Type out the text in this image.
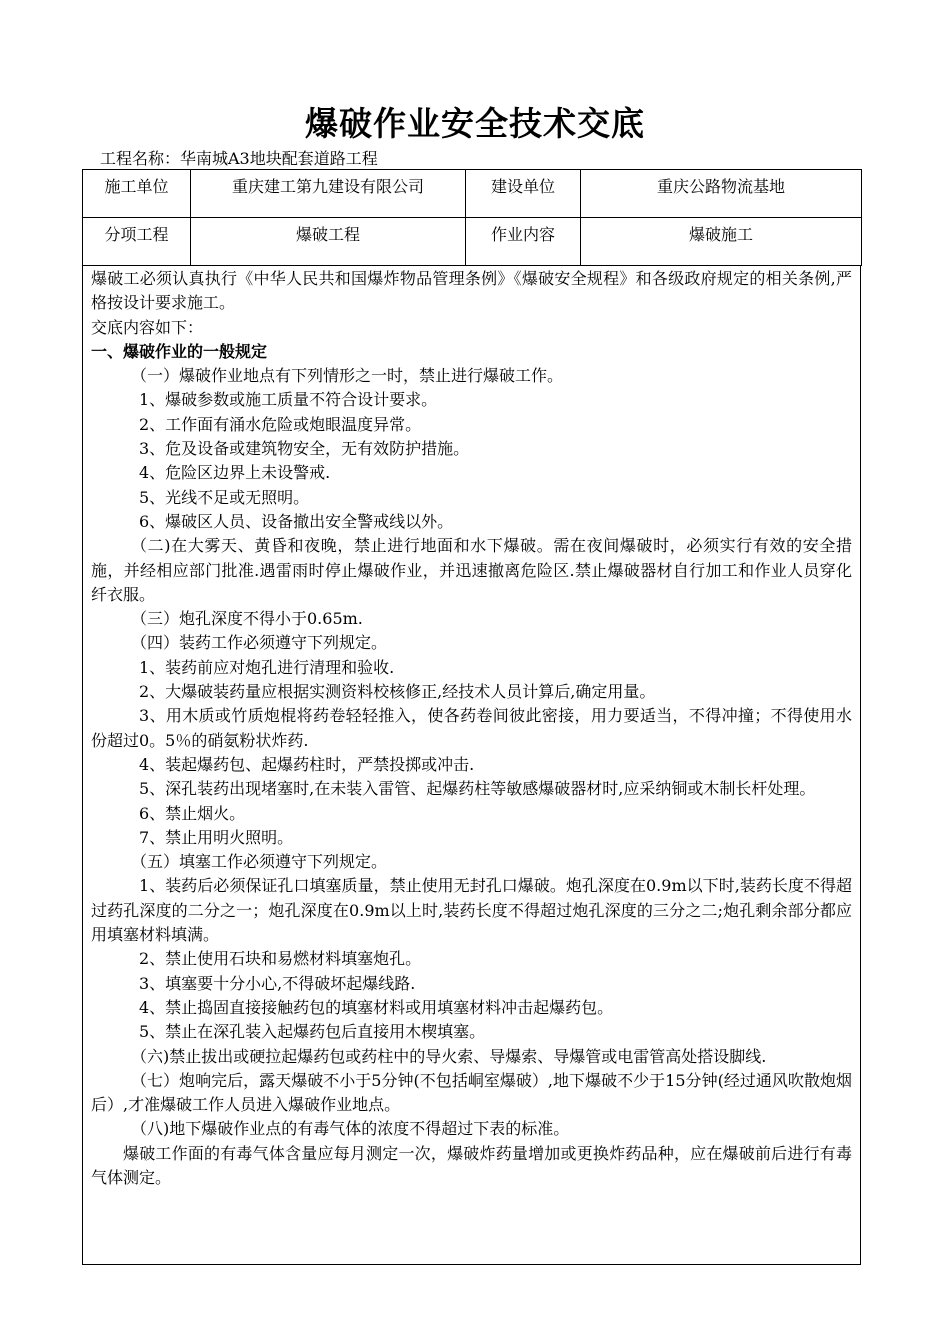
爆破作业安全技术交底
工程名称：华南城A3地块配套道路工程
施工单位	重庆建工第九建设有限公司	建设单位	重庆公路物流基地
分项工程	爆破工程	作业内容	爆破施工

爆破工必须认真执行《中华人民共和国爆炸物品管理条例》《爆破安全规程》和各级政府规定的相关条例,严格按设计要求施工。

交底内容如下：

一、爆破作业的一般规定

（一）爆破作业地点有下列情形之一时，禁止进行爆破工作。

1、爆破参数或施工质量不符合设计要求。

2、工作面有涌水危险或炮眼温度异常。

3、危及设备或建筑物安全，无有效防护措施。

4、危险区边界上未设警戒.

5、光线不足或无照明。

6、爆破区人员、设备撤出安全警戒线以外。

（二)在大雾天、黄昏和夜晚，禁止进行地面和水下爆破。需在夜间爆破时，必须实行有效的安全措施，并经相应部门批准.遇雷雨时停止爆破作业，并迅速撤离危险区.禁止爆破器材自行加工和作业人员穿化纤衣服。

（三）炮孔深度不得小于0.65m.

（四）装药工作必须遵守下列规定。

1、装药前应对炮孔进行清理和验收.

2、大爆破装药量应根据实测资料校核修正,经技术人员计算后,确定用量。

3、用木质或竹质炮棍将药卷轻轻推入，使各药卷间彼此密接，用力要适当，不得冲撞；不得使用水份超过0。5％的硝氨粉状炸药.

4、装起爆药包、起爆药柱时，严禁投掷或冲击.

5、深孔装药出现堵塞时,在未装入雷管、起爆药柱等敏感爆破器材时,应采纳铜或木制长杆处理。

6、禁止烟火。

7、禁止用明火照明。

（五）填塞工作必须遵守下列规定。

1、装药后必须保证孔口填塞质量，禁止使用无封孔口爆破。炮孔深度在0.9m以下时,装药长度不得超过药孔深度的二分之一；炮孔深度在0.9m以上时,装药长度不得超过炮孔深度的三分之二;炮孔剩余部分都应用填塞材料填满。

2、禁止使用石块和易燃材料填塞炮孔。

3、填塞要十分小心,不得破坏起爆线路.

4、禁止捣固直接接触药包的填塞材料或用填塞材料冲击起爆药包。

5、禁止在深孔装入起爆药包后直接用木楔填塞。

（六)禁止拔出或硬拉起爆药包或药柱中的导火索、导爆索、导爆管或电雷管高处搭设脚线.

（七）炮响完后，露天爆破不小于5分钟(不包括峒室爆破）,地下爆破不少于15分钟(经过通风吹散炮烟后）,才准爆破工作人员进入爆破作业地点。

（八)地下爆破作业点的有毒气体的浓度不得超过下表的标准。

爆破工作面的有毒气体含量应每月测定一次，爆破炸药量增加或更换炸药品种，应在爆破前后进行有毒气体测定。
